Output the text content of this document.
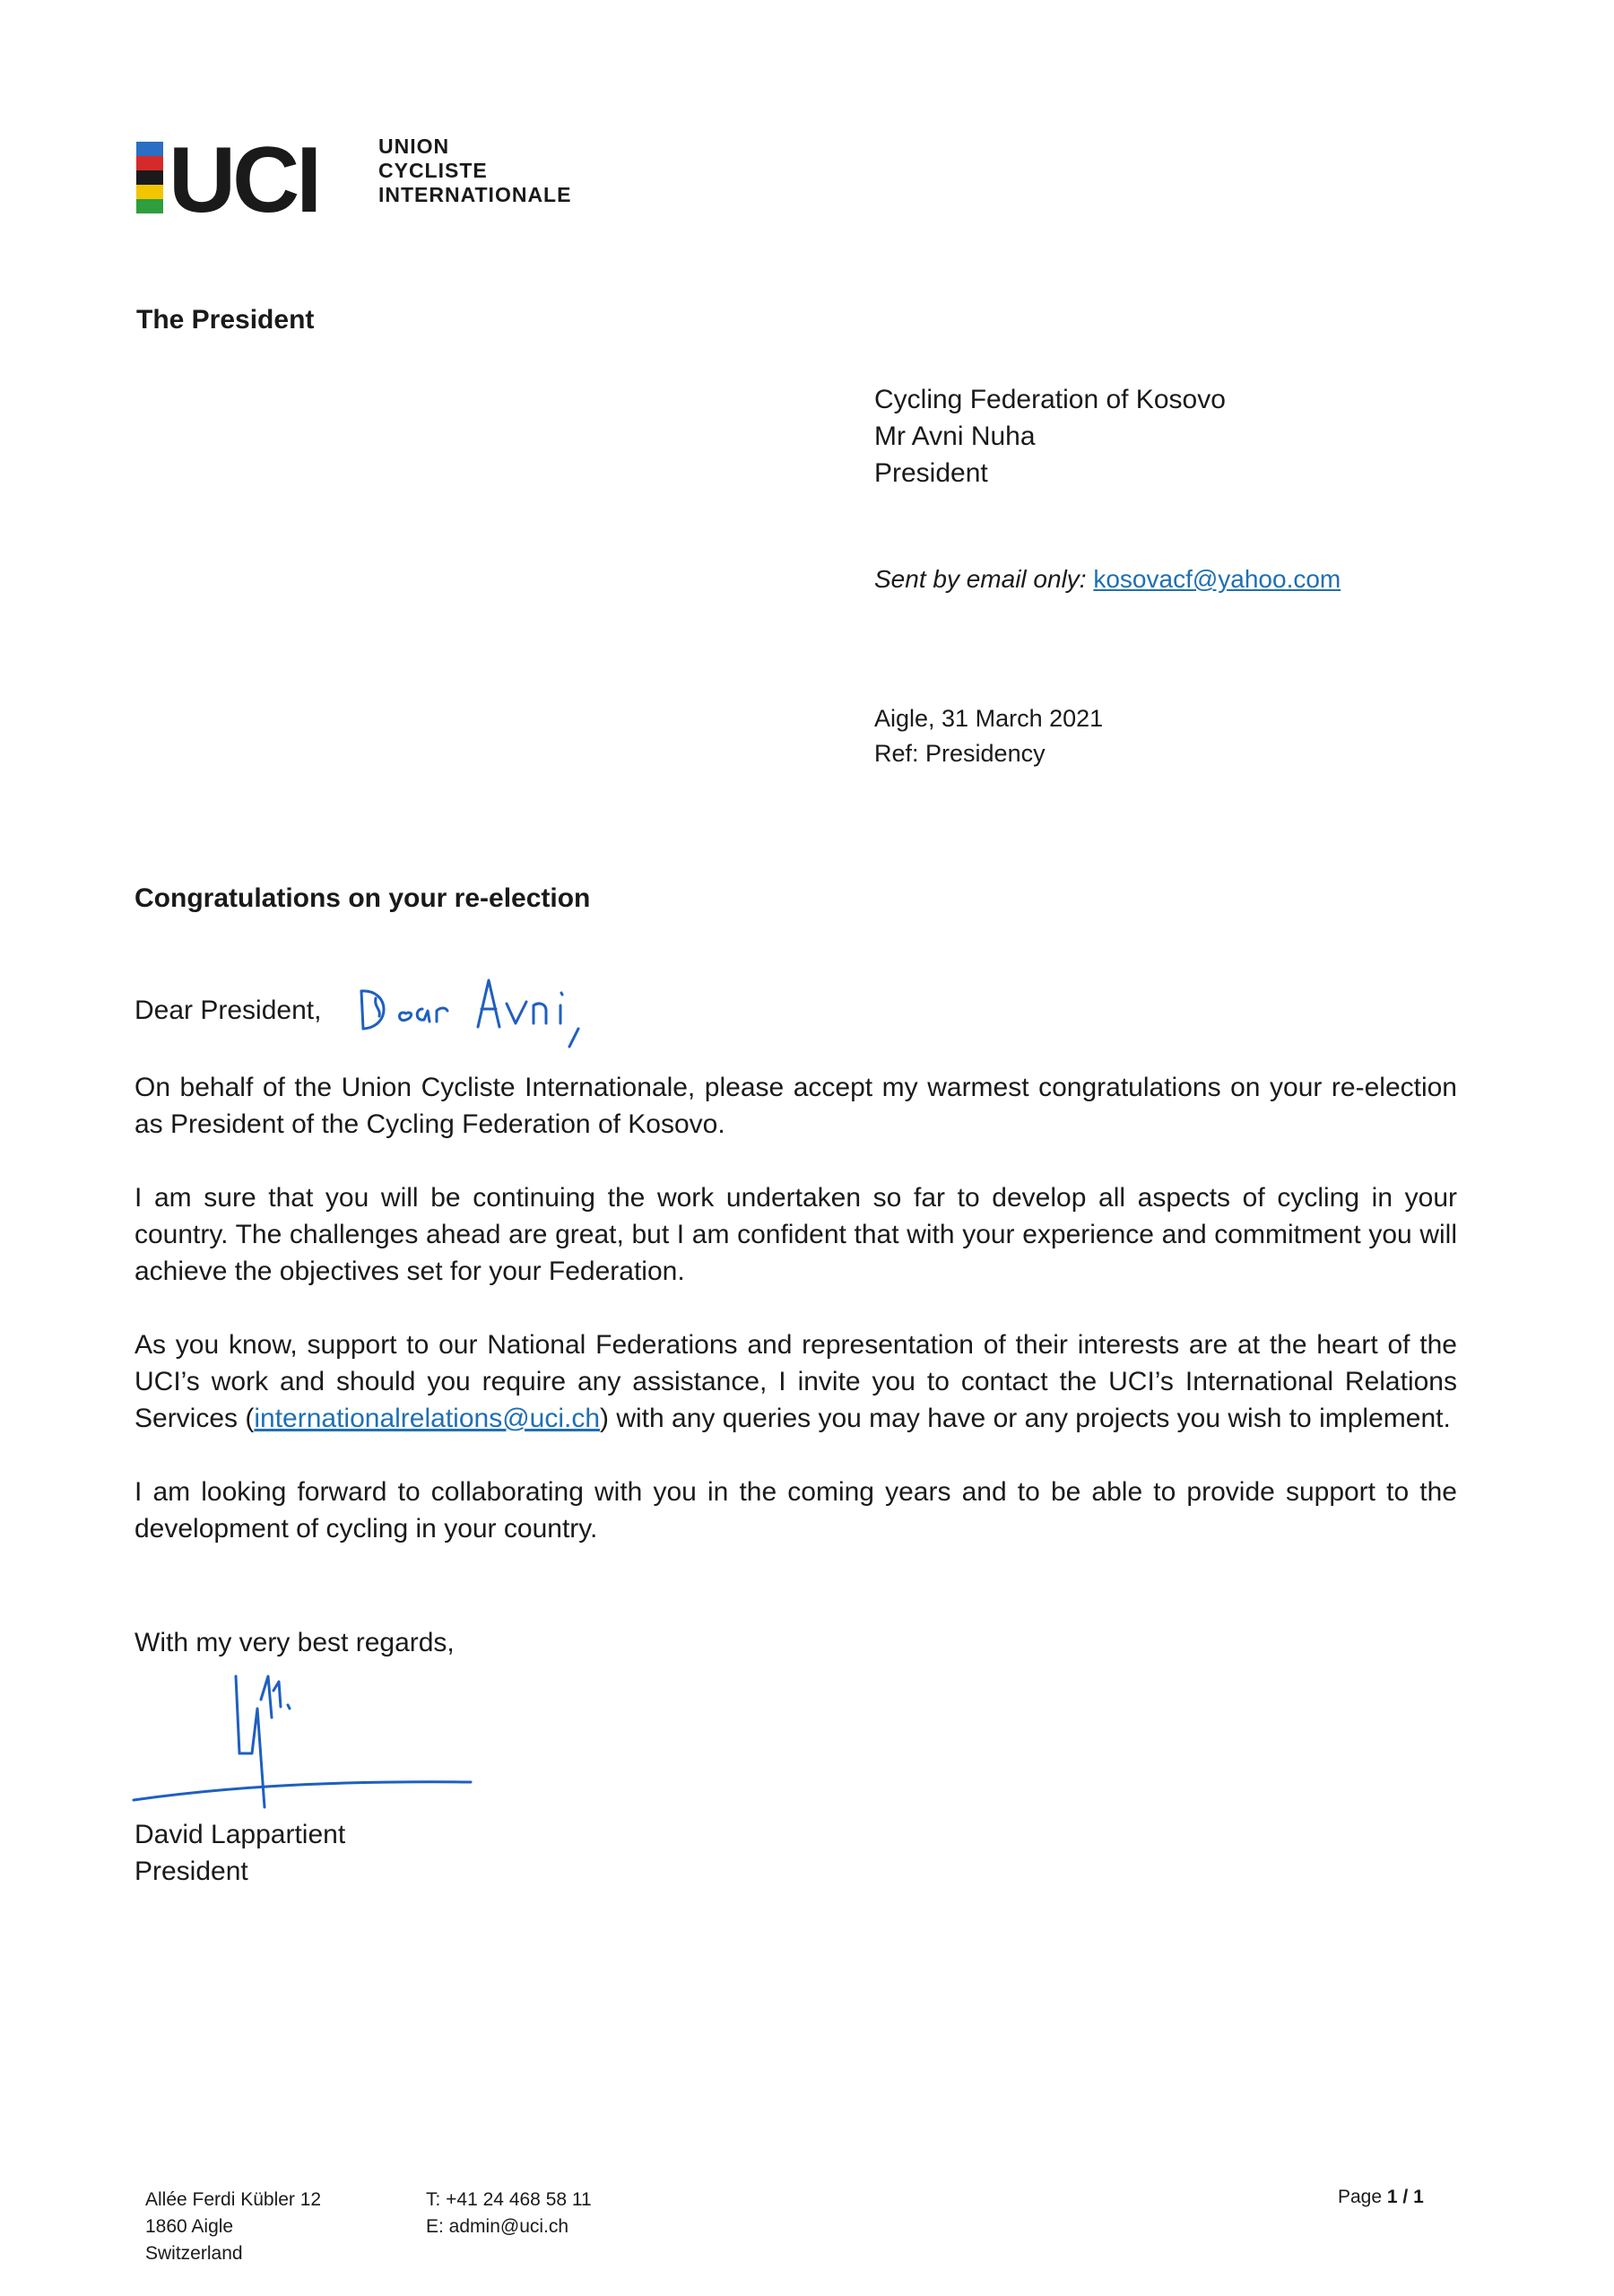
UCI	UNION
CYCLISTE
INTERNATIONALE
The President
Cycling Federation of Kosovo
Mr Avni Nuha
President
Sent by email only: kosovacf@yahoo.com
Aigle, 31 March 2021
Ref: Presidency
Congratulations on your re-election
Dear President,

On behalf of the Union Cycliste Internationale, please accept my warmest congratulations on your re-election as President of the Cycling Federation of Kosovo.

I am sure that you will be continuing the work undertaken so far to develop all aspects of cycling in your country. The challenges ahead are great, but I am confident that with your experience and commitment you will achieve the objectives set for your Federation.

As you know, support to our National Federations and representation of their interests are at the heart of the UCI’s work and should you require any assistance, I invite you to contact the UCI’s International Relations Services (internationalrelations@uci.ch) with any queries you may have or any projects you wish to implement.

I am looking forward to collaborating with you in the coming years and to be able to provide support to the development of cycling in your country.

With my very best regards,
David Lappartient
President
Allée Ferdi Kübler 12
1860 Aigle
Switzerland
T: +41 24 468 58 11
E: admin@uci.ch
Page 1 / 1
